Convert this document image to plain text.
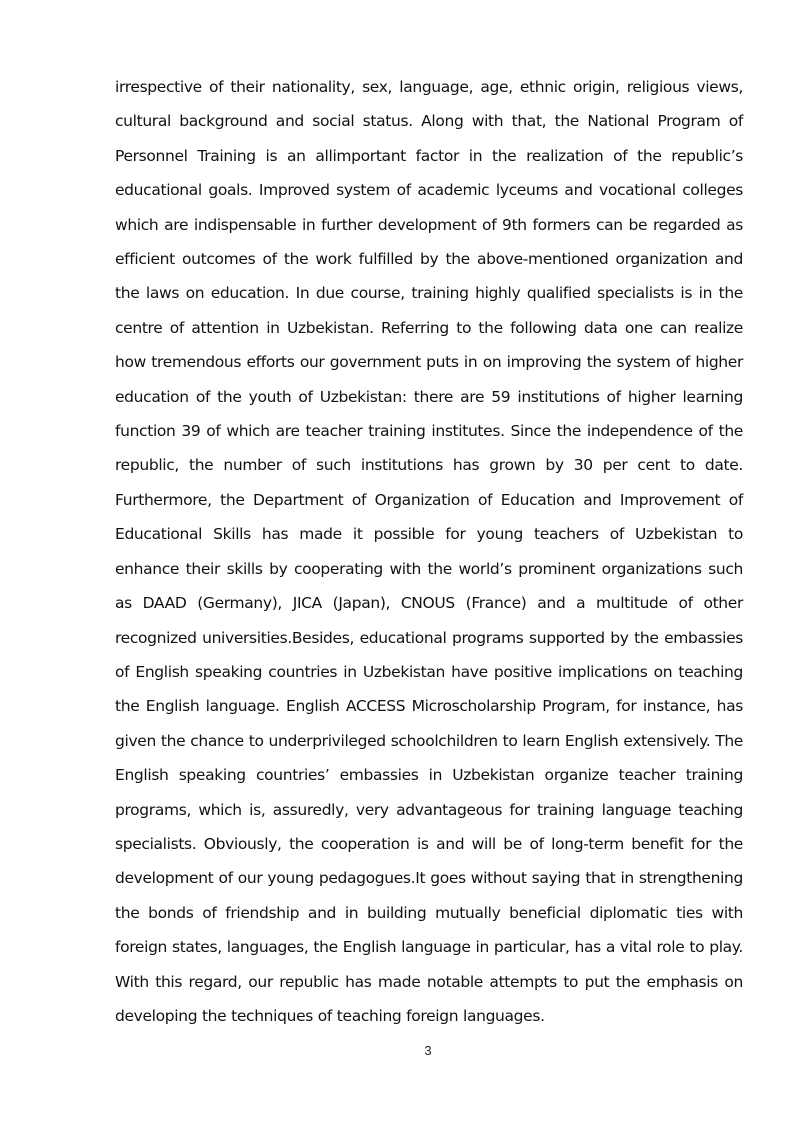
irrespective of their nationality, sex, language, age, ethnic origin, religious views, cultural background and social status. Along with that, the National Program of Personnel Training is an allimportant factor in the realization of the republic’s educational goals. Improved system of academic lyceums and vocational colleges which are indispensable in further development of 9th formers can be regarded as efficient outcomes of the work fulfilled by the above-mentioned organization and the laws on education. In due course, training highly qualified specialists is in the centre of attention in Uzbekistan. Referring to the following data one can realize how tremendous efforts our government puts in on improving the system of higher education of the youth of Uzbekistan: there are 59 institutions of higher learning function 39 of which are teacher training institutes. Since the independence of the republic, the number of such institutions has grown by 30 per cent to date. Furthermore, the Department of Organization of Education and Improvement of Educational Skills has made it possible for young teachers of Uzbekistan to enhance their skills by cooperating with the world’s prominent organizations such as DAAD (Germany), JICA (Japan), CNOUS (France) and a multitude of other recognized universities.Besides, educational programs supported by the embassies of English speaking countries in Uzbekistan have positive implications on teaching the English language. English ACCESS Microscholarship Program, for instance, has given the chance to underprivileged schoolchildren to learn English extensively. The English speaking countries’ embassies in Uzbekistan organize teacher training programs, which is, assuredly, very advantageous for training language teaching specialists. Obviously, the cooperation is and will be of long-term benefit for the development of our young pedagogues.It goes without saying that in strengthening the bonds of friendship and in building mutually beneficial diplomatic ties with foreign states, languages, the English language in particular, has a vital role to play. With this regard, our republic has made notable attempts to put the emphasis on developing the techniques of teaching foreign languages.

3
